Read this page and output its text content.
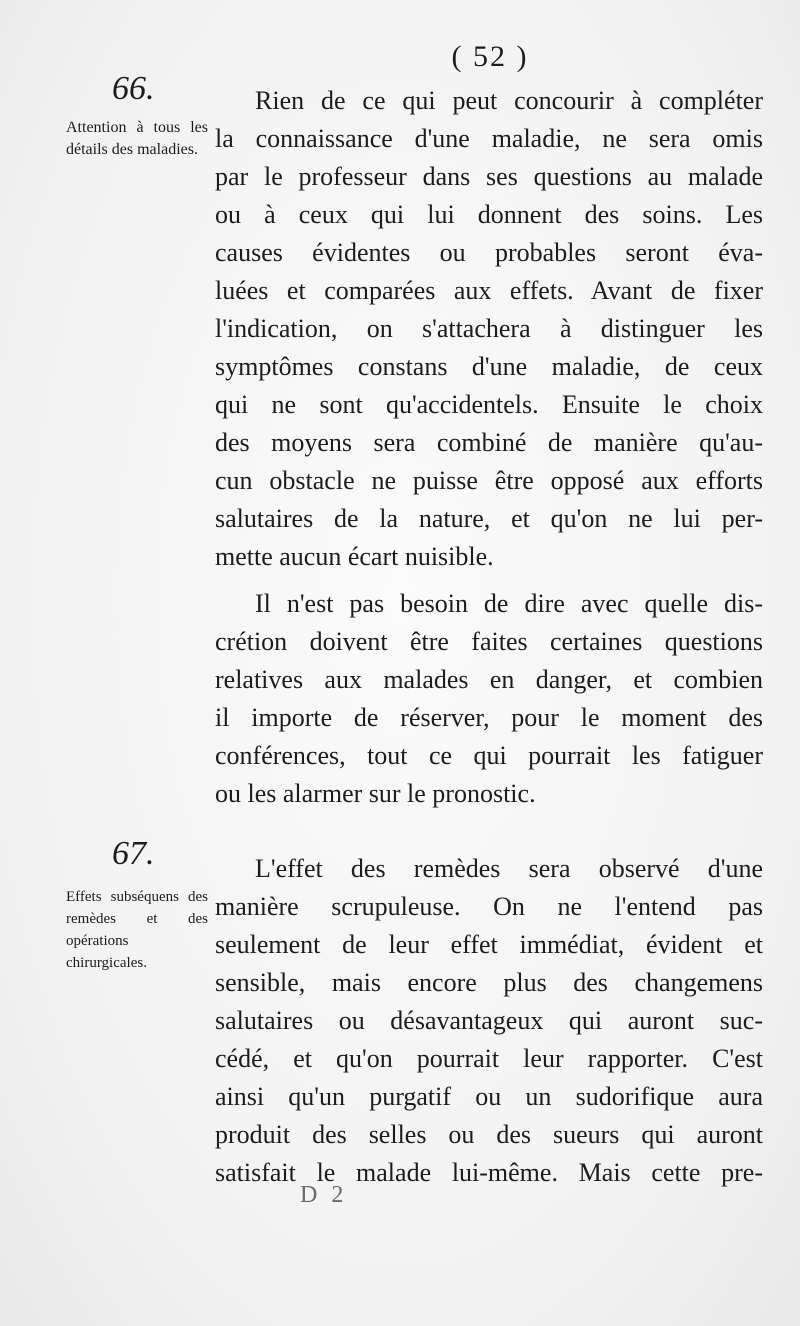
( 52 )
66.
Attention à tous les détails des maladies.
Rien de ce qui peut concourir à compléter
la connaissance d'une maladie, ne sera omis
par le professeur dans ses questions au malade
ou à ceux qui lui donnent des soins. Les
causes évidentes ou probables seront éva-
luées et comparées aux effets. Avant de fixer
l'indication, on s'attachera à distinguer les
symptômes constans d'une maladie, de ceux
qui ne sont qu'accidentels. Ensuite le choix
des moyens sera combiné de manière qu'au-
cun obstacle ne puisse être opposé aux efforts
salutaires de la nature, et qu'on ne lui per-
mette aucun écart nuisible.
Il n'est pas besoin de dire avec quelle dis-
crétion doivent être faites certaines questions
relatives aux malades en danger, et combien
il importe de réserver, pour le moment des
conférences, tout ce qui pourrait les fatiguer
ou les alarmer sur le pronostic.
67.
Effets subséquens des remèdes et des opérations chirurgicales.
L'effet des remèdes sera observé d'une
manière scrupuleuse. On ne l'entend pas
seulement de leur effet immédiat, évident et
sensible, mais encore plus des changemens
salutaires ou désavantageux qui auront suc-
cédé, et qu'on pourrait leur rapporter. C'est
ainsi qu'un purgatif ou un sudorifique aura
produit des selles ou des sueurs qui auront
satisfait le malade lui-même. Mais cette pre-
D 2
